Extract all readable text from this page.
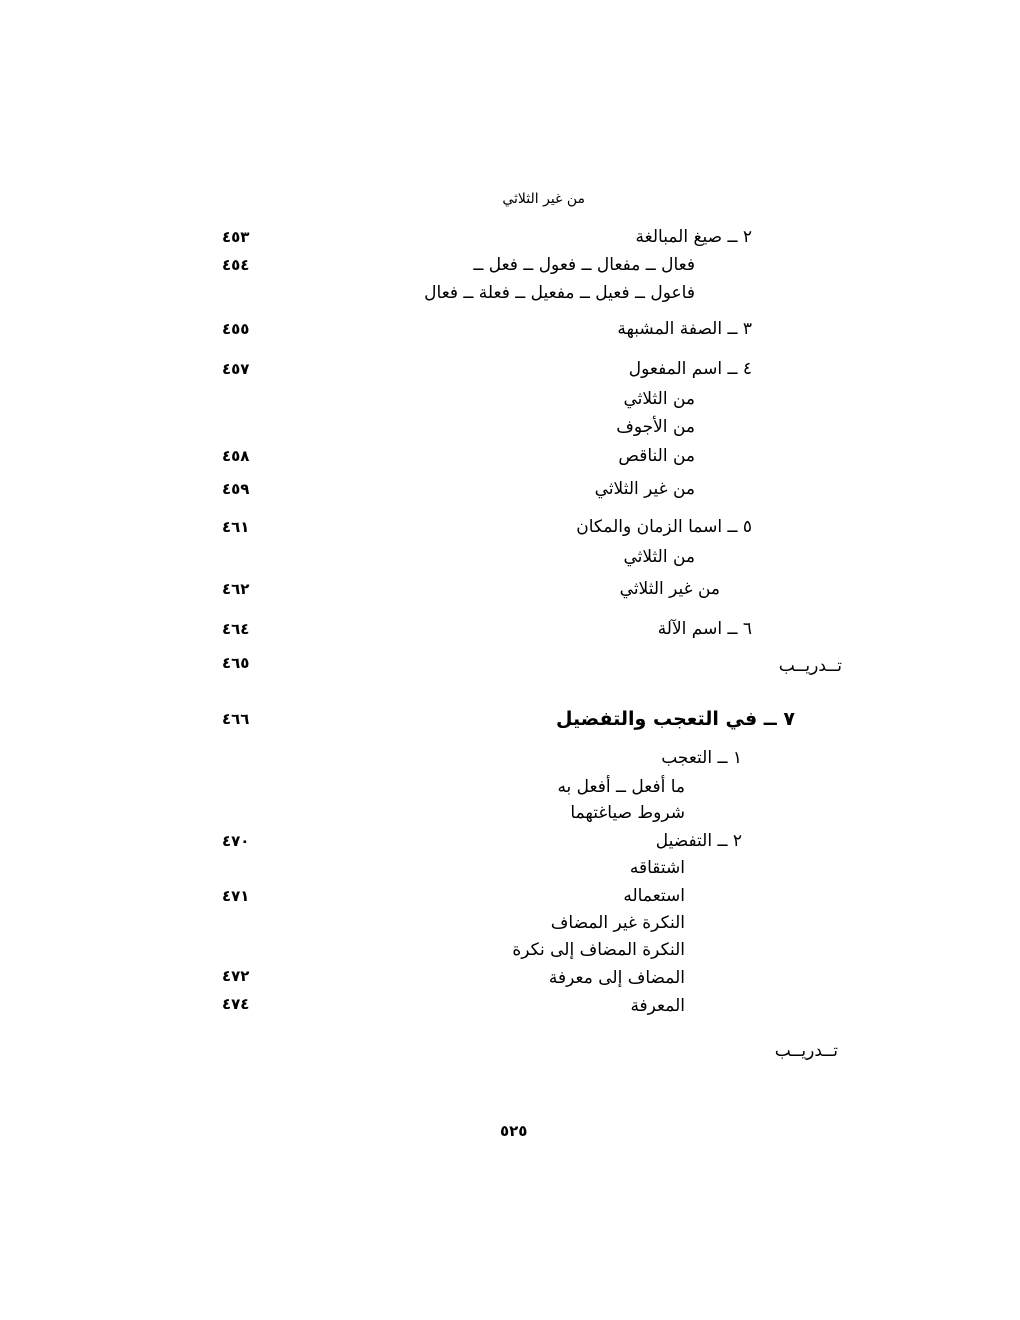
من غير الثلاثي
٢ ــ صيغ المبالغة
٤٥٣
فعال ــ مفعال ــ فعول ــ فعل ــ
٤٥٤
فاعول ــ فعيل ــ مفعيل ــ فعلة ــ فعال
٣ ــ الصفة المشبهة
٤٥٥
٤ ــ اسم المفعول
٤٥٧
من الثلاثي
من الأجوف
من الناقص
٤٥٨
من غير الثلاثي
٤٥٩
٥ ــ اسما الزمان والمكان
٤٦١
من الثلاثي
من غير الثلاثي
٤٦٢
٦ ــ اسم الآلة
٤٦٤
تــدريــب
٤٦٥
٧ ــ في التعجب والتفضيل
٤٦٦
١ ــ التعجب
ما أفعل ــ أفعل به
شروط صياغتهما
٢ ــ التفضيل
٤٧٠
اشتقاقه
استعماله
٤٧١
النكرة غير المضاف
النكرة المضاف إلى نكرة
المضاف إلى معرفة
٤٧٢
المعرفة
٤٧٤
تــدريــب
٥٢٥
